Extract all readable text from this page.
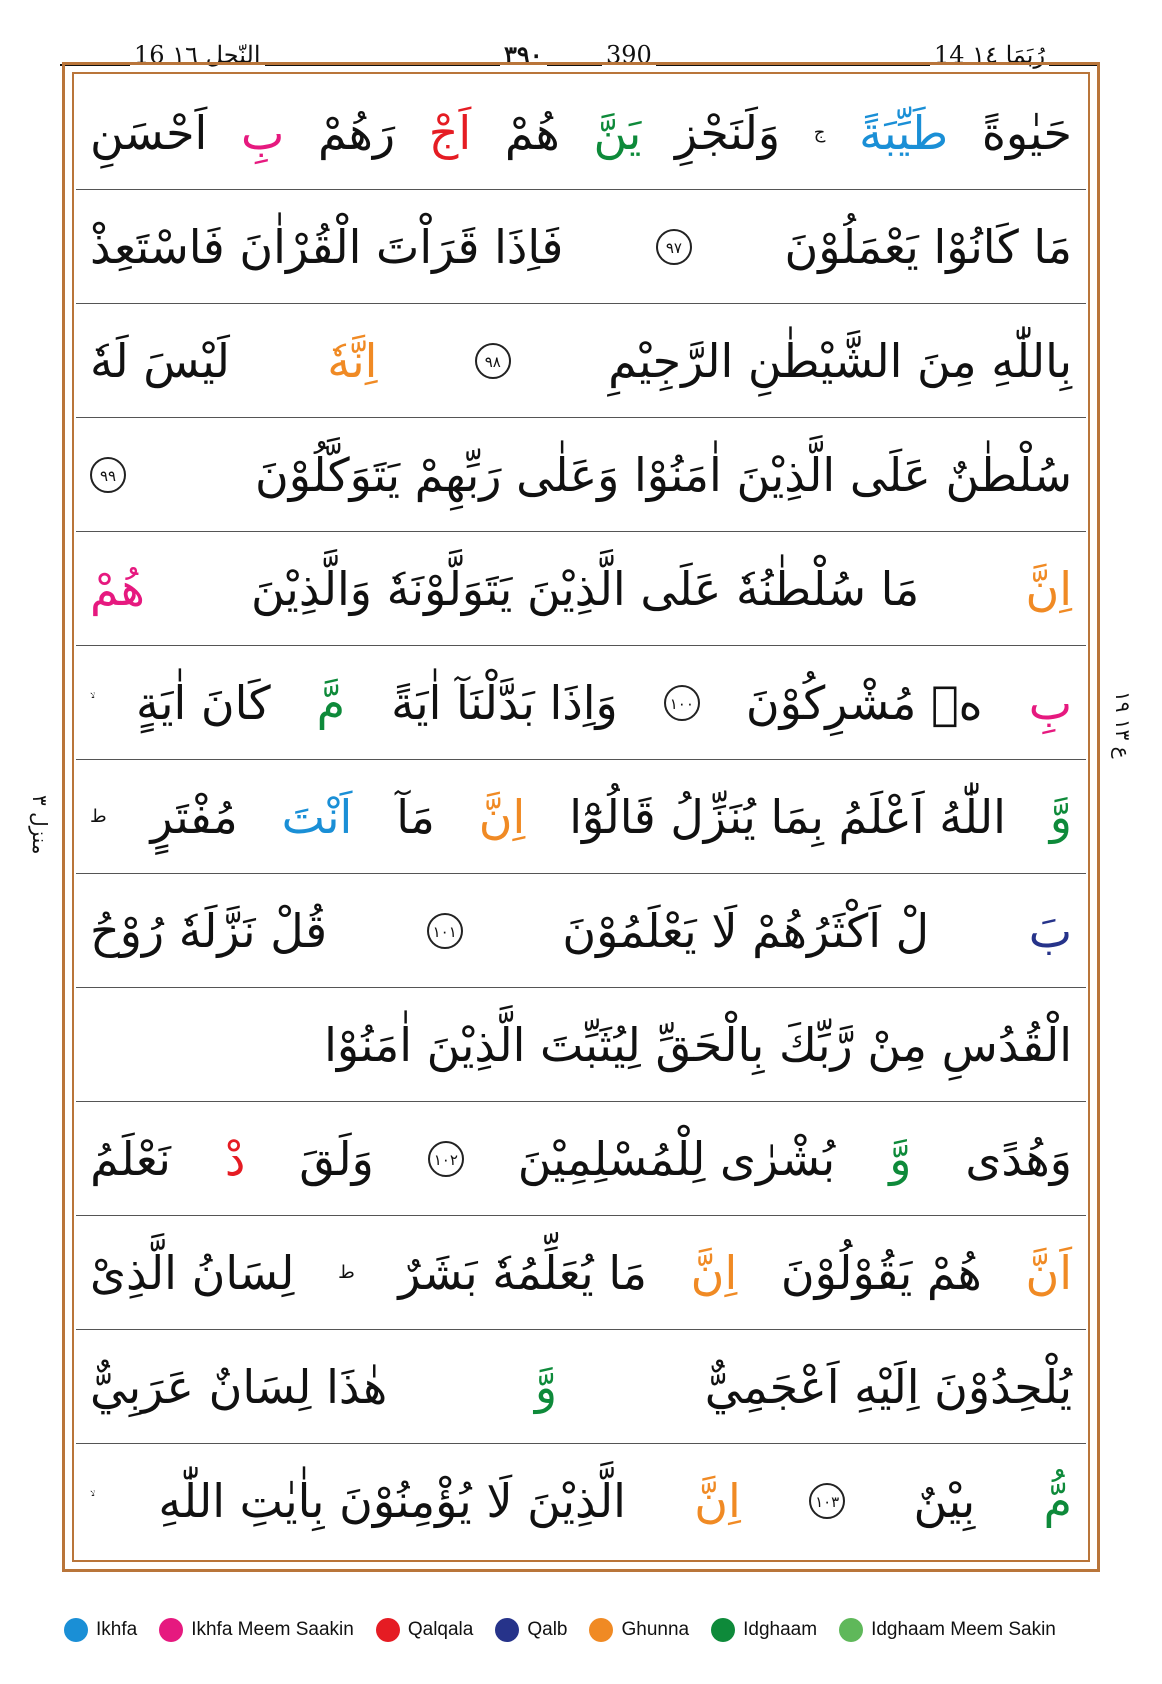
النّحل ١٦ 16	٣٩٠	390	14 رُبَمَا ١٤
حَيٰوةً
طَيِّبَةً
ج
وَلَنَجْزِ
يَنَّ
هُمْ
اَجْ
رَهُمْ
بِ
اَحْسَنِ
مَا كَانُوْا يَعْمَلُوْنَ
٩٧
فَاِذَا قَرَاْتَ الْقُرْاٰنَ فَاسْتَعِذْ
بِاللّٰهِ مِنَ الشَّيْطٰنِ الرَّجِيْمِ
٩٨
اِنَّهٗ
لَيْسَ لَهٗ
سُلْطٰنٌ عَلَى الَّذِيْنَ اٰمَنُوْا وَعَلٰى رَبِّهِمْ يَتَوَكَّلُوْنَ
٩٩
اِنَّ
مَا سُلْطٰنُهٗ عَلَى الَّذِيْنَ يَتَوَلَّوْنَهٗ وَالَّذِيْنَ
هُمْ
بِ
هٖ مُشْرِكُوْنَ
١٠٠
وَاِذَا بَدَّلْنَآ اٰيَةً
مَّ
كَانَ اٰيَةٍ
وَّ
اللّٰهُ اَعْلَمُ بِمَا يُنَزِّلُ قَالُوْٓا
اِنَّ
مَآ
اَنْتَ
مُفْتَرٍ
ط
بَ
لْ اَكْثَرُهُمْ لَا يَعْلَمُوْنَ
١٠١
قُلْ نَزَّلَهٗ رُوْحُ
الْقُدُسِ مِنْ رَّبِّكَ بِالْحَقِّ لِيُثَبِّتَ الَّذِيْنَ اٰمَنُوْا
وَهُدًى
وَّ
بُشْرٰى لِلْمُسْلِمِيْنَ
١٠٢
وَلَقَ
دْ
نَعْلَمُ
اَنَّ
هُمْ يَقُوْلُوْنَ
اِنَّ
مَا يُعَلِّمُهٗ بَشَرٌ
ط
لِسَانُ الَّذِىْ
يُلْحِدُوْنَ اِلَيْهِ اَعْجَمِيٌّ
وَّ
هٰذَا لِسَانٌ عَرَبِيٌّ
مُّ
بِيْنٌ
١٠٣
اِنَّ
الَّذِيْنَ لَا يُؤْمِنُوْنَ بِاٰيٰتِ اللّٰهِ
منزل ٣
ع ١٣ ١٩
Ikhfa	Ikhfa Meem Saakin	Qalqala	Qalb	Ghunna	Idghaam	Idghaam Meem Sakin
